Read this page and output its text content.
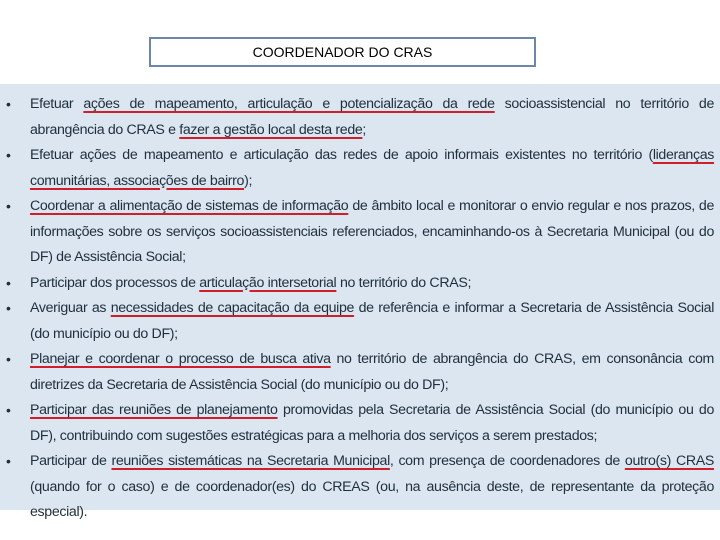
COORDENADOR DO CRAS
• Efetuar ações de mapeamento, articulação e potencialização da rede socioassistencial no território de abrangência do CRAS e fazer a gestão local desta rede;
• Efetuar ações de mapeamento e articulação das redes de apoio informais existentes no território (lideranças comunitárias, associações de bairro);
• Coordenar a alimentação de sistemas de informação de âmbito local e monitorar o envio regular e nos prazos, de informações sobre os serviços socioassistenciais referenciados, encaminhando-os à Secretaria Municipal (ou do DF) de Assistência Social;
• Participar dos processos de articulação intersetorial no território do CRAS;
• Averiguar as necessidades de capacitação da equipe de referência e informar a Secretaria de Assistência Social (do município ou do DF);
• Planejar e coordenar o processo de busca ativa no território de abrangência do CRAS, em consonância com diretrizes da Secretaria de Assistência Social (do município ou do DF);
• Participar das reuniões de planejamento promovidas pela Secretaria de Assistência Social (do município ou do DF), contribuindo com sugestões estratégicas para a melhoria dos serviços a serem prestados;
• Participar de reuniões sistemáticas na Secretaria Municipal, com presença de coordenadores de outro(s) CRAS (quando for o caso) e de coordenador(es) do CREAS (ou, na ausência deste, de representante da proteção especial).
